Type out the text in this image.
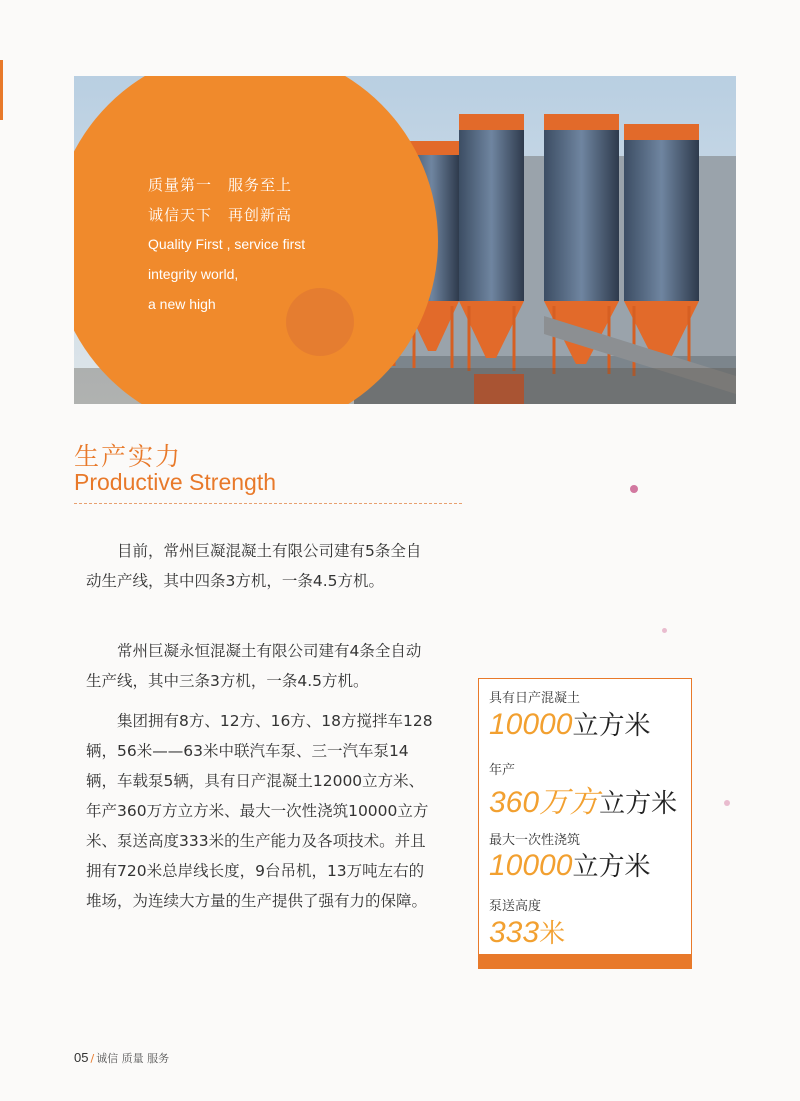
质量第一　服务至上
诚信天下　再创新高
Quality First , service first
integrity world,
a new high
生产实力
Productive Strength

目前，常州巨凝混凝土有限公司建有5条全自动生产线，其中四条3方机，一条4.5方机。

常州巨凝永恒混凝土有限公司建有4条全自动生产线，其中三条3方机，一条4.5方机。

集团拥有8方、12方、16方、18方搅拌车128辆，56米——63米中联汽车泵、三一汽车泵14辆，车载泵5辆，具有日产混凝土12000立方米、年产360万方立方米、最大一次性浇筑10000立方米、泵送高度333米的生产能力及各项技术。并且拥有720米总岸线长度，9台吊机，13万吨左右的堆场，为连续大方量的生产提供了强有力的保障。

具有日产混凝土
10000立方米
年产
360万方立方米
最大一次性浇筑
10000立方米
泵送高度
333米
05 / 诚信 质量 服务
